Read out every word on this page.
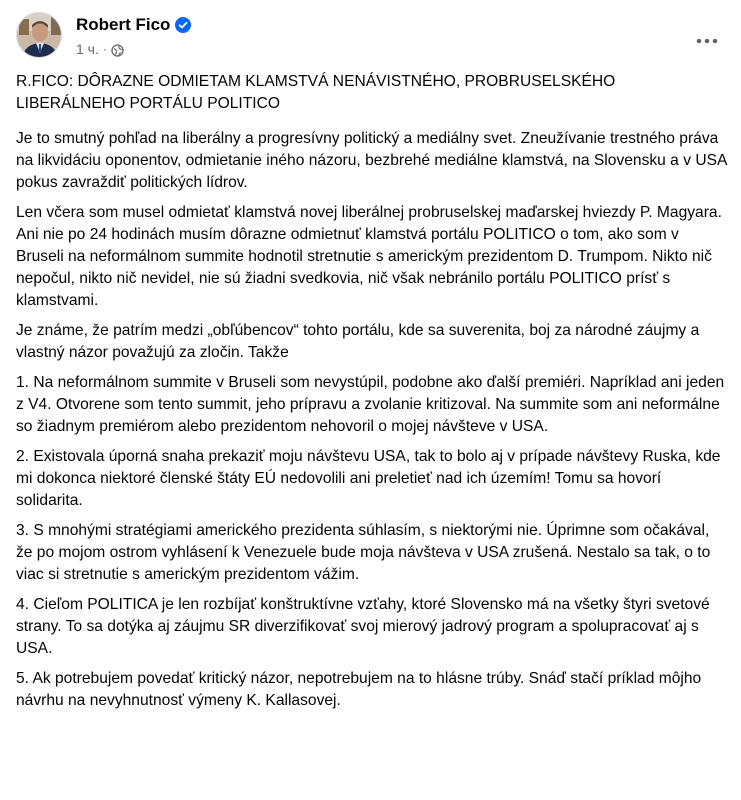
Robert Fico
1 ч. ·

R.FICO: DÔRAZNE ODMIETAM KLAMSTVÁ NENÁVISTNÉHO, PROBRUSELSKÉHO LIBERÁLNEHO PORTÁLU POLITICO

Je to smutný pohľad na liberálny a progresívny politický a mediálny svet. Zneužívanie trestného práva na likvidáciu oponentov, odmietanie iného názoru, bezbrehé mediálne klamstvá, na Slovensku a v USA pokus zavraždiť politických lídrov.

Len včera som musel odmietať klamstvá novej liberálnej probruselskej maďarskej hviezdy P. Magyara. Ani nie po 24 hodinách musím dôrazne odmietnuť klamstvá portálu POLITICO o tom, ako som v Bruseli na neformálnom summite hodnotil stretnutie s americkým prezidentom D. Trumpom. Nikto nič nepočul, nikto nič nevidel, nie sú žiadni svedkovia, nič však nebránilo portálu POLITICO prísť s klamstvami.

Je známe, že patrím medzi „obľúbencov“ tohto portálu, kde sa suverenita, boj za národné záujmy a vlastný názor považujú za zločin. Takže

1. Na neformálnom summite v Bruseli som nevystúpil, podobne ako ďalší premiéri. Napríklad ani jeden z V4. Otvorene som tento summit, jeho prípravu a zvolanie kritizoval. Na summite som ani neformálne so žiadnym premiérom alebo prezidentom nehovoril o mojej návšteve v USA.

2. Existovala úporná snaha prekaziť moju návštevu USA, tak to bolo aj v prípade návštevy Ruska, kde mi dokonca niektoré členské štáty EÚ nedovolili ani preletieť nad ich územím! Tomu sa hovorí solidarita.

3. S mnohými stratégiami amerického prezidenta súhlasím, s niektorými nie. Úprimne som očakával, že po mojom ostrom vyhlásení k Venezuele bude moja návšteva v USA zrušená. Nestalo sa tak, o to viac si stretnutie s americkým prezidentom vážim.

4. Cieľom POLITICA je len rozbíjať konštruktívne vzťahy, ktoré Slovensko má na všetky štyri svetové strany. To sa dotýka aj záujmu SR diverzifikovať svoj mierový jadrový program a spolupracovať aj s USA.

5. Ak potrebujem povedať kritický názor, nepotrebujem na to hlásne trúby. Snáď stačí príklad môjho návrhu na nevyhnutnosť výmeny K. Kallasovej.
